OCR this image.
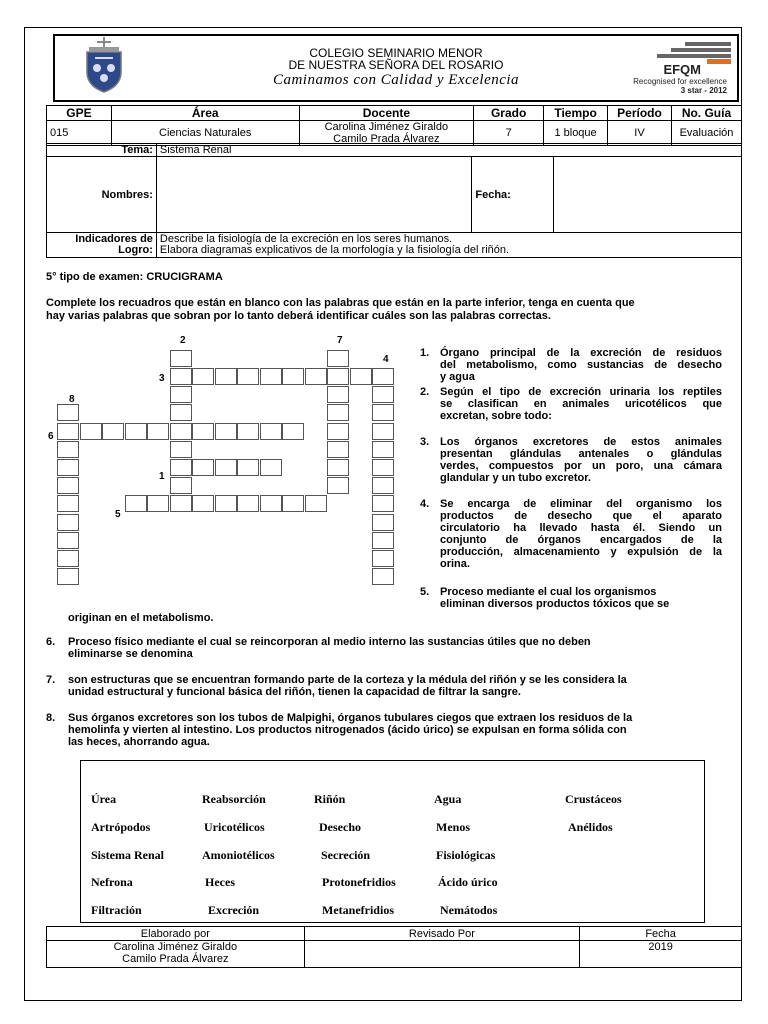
COLEGIO SEMINARIO MENOR
DE NUESTRA SEÑORA DEL ROSARIO
Caminamos con Calidad y Excelencia
EFQM
Recognised for excellence
3 star - 2012
GPE	Área	Docente	Grado	Tiempo	Período	No. Guía
015	Ciencias Naturales	Carolina Jiménez Giraldo
Camilo Prada Álvarez	7	1 bloque	IV	Evaluación
Tema:	Sistema Renal		
Nombres:		Fecha:	
Indicadores de
Logro:	Describe la fisiología de la excreción en los seres humanos.
Elabora diagramas explicativos de la morfología y la fisiología del riñón.		
5° tipo de examen: CRUCIGRAMA
Complete los recuadros que están en blanco con las palabras que están en la parte inferior, tenga en cuenta que
hay varias palabras que sobran por lo tanto deberá identificar cuáles son las palabras correctas.
2	7
4
3
8
6
1
5
1. Órgano principal de la excreción de residuos
del metabolismo, como sustancias de desecho
y agua
2. Según el tipo de excreción urinaria los reptiles
se clasifican en animales uricotélicos que
excretan, sobre todo:
3. Los órganos excretores de estos animales
presentan glándulas antenales o glándulas
verdes, compuestos por un poro, una cámara
glandular y un tubo excretor.
4. Se encarga de eliminar del organismo los
productos de desecho que el aparato
circulatorio ha llevado hasta él. Siendo un
conjunto de órganos encargados de la
producción, almacenamiento y expulsión de la
orina.
5. Proceso mediante el cual los organismos
eliminan diversos productos tóxicos que se
originan en el metabolismo.
6. Proceso físico mediante el cual se reincorporan al medio interno las sustancias útiles que no deben
eliminarse se denomina
7. son estructuras que se encuentran formando parte de la corteza y la médula del riñón y se les considera la
unidad estructural y funcional básica del riñón, tienen la capacidad de filtrar la sangre.
8. Sus órganos excretores son los tubos de Malpighi, órganos tubulares ciegos que extraen los residuos de la
hemolinfa y vierten al intestino. Los productos nitrogenados (ácido úrico) se expulsan en forma sólida con
las heces, ahorrando agua.
Úrea	Reabsorción	Riñón	Agua	Crustáceos
Artrópodos	Uricotélicos	Desecho	Menos	Anélidos
Sistema Renal	Amoniotélicos	Secreción	Fisiológicas
Nefrona	Heces	Protonefridios	Ácido úrico
Filtración	Excreción	Metanefridios	Nemátodos
Elaborado por	Revisado Por	Fecha
Carolina Jiménez Giraldo
Camilo Prada Álvarez		2019
